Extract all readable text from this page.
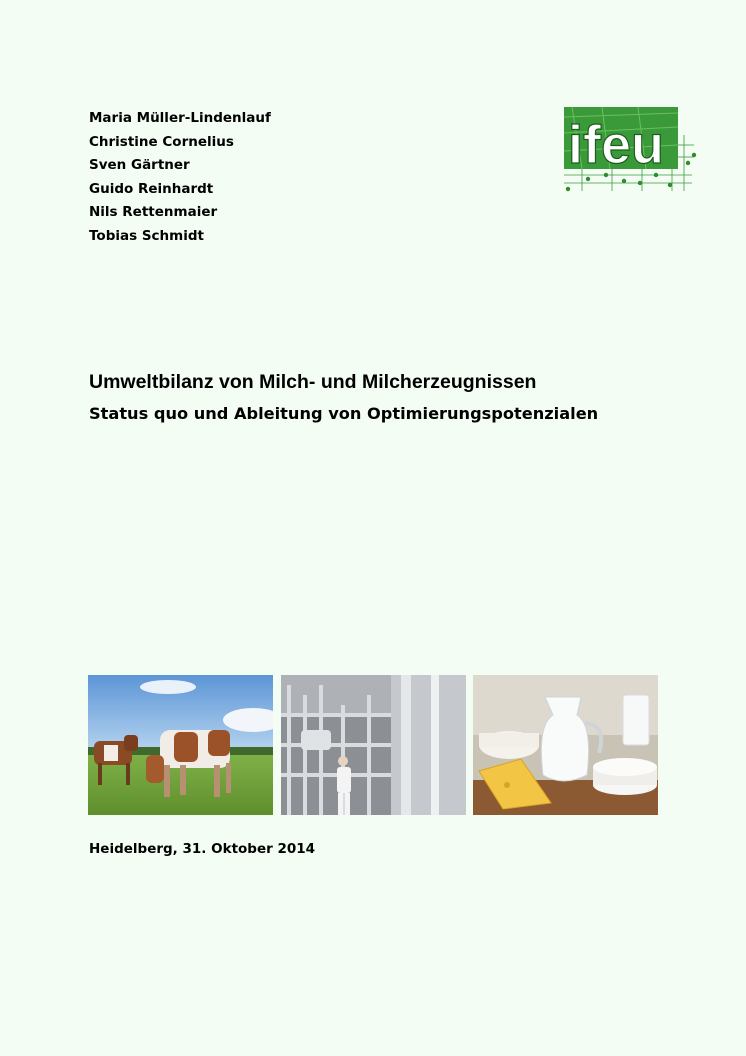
Maria Müller-Lindenlauf
Christine Cornelius
Sven Gärtner
Guido Reinhardt
Nils Rettenmaier
Tobias Schmidt
ifeu
Umweltbilanz von Milch- und Milcherzeugnissen
Status quo und Ableitung von Optimierungspotenzialen
Heidelberg, 31. Oktober 2014
